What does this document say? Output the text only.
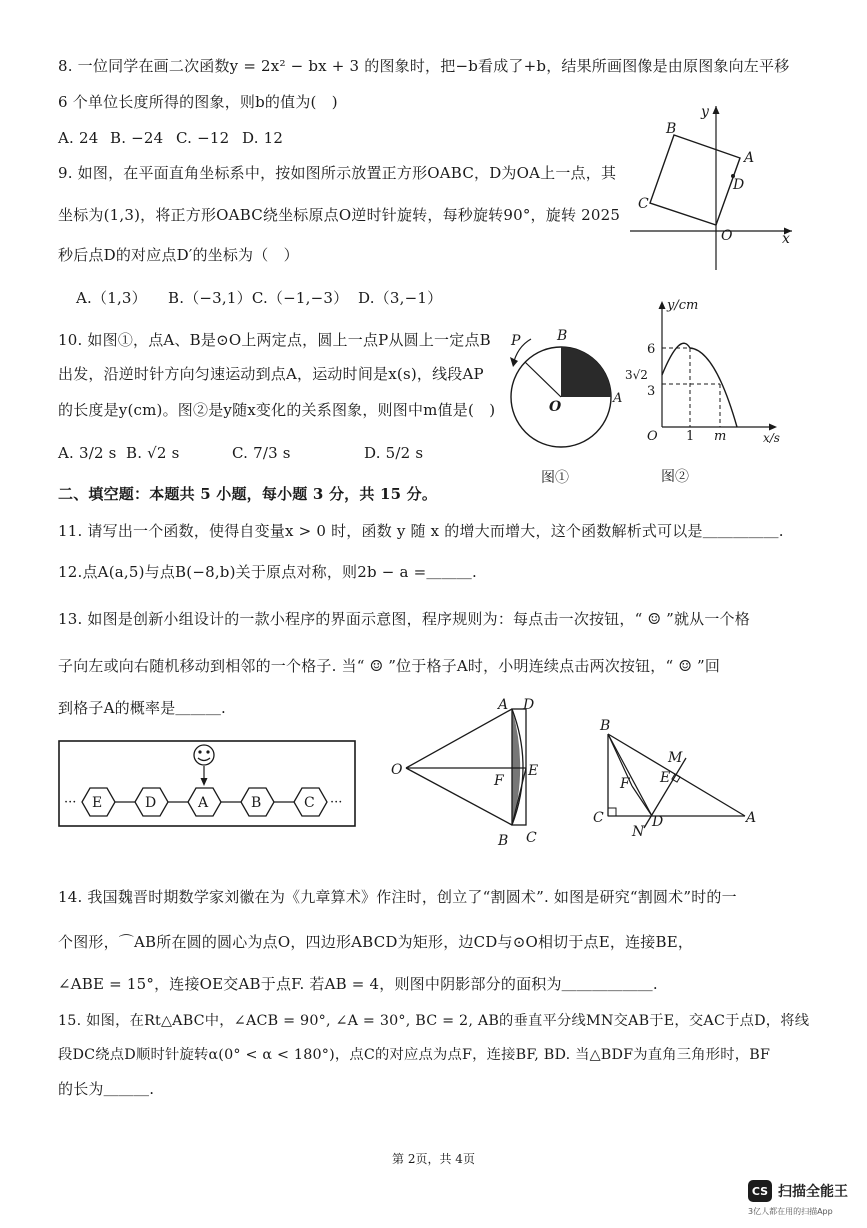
8. 一位同学在画二次函数y = 2x² − bx + 3 的图象时，把−b看成了+b，结果所画图像是由原图象向左平移
6 个单位长度所得的图象，则b的值为(　)
A. 24 B. −24 C. −12 D. 12
9. 如图，在平面直角坐标系中，按如图所示放置正方形OABC，D为OA上一点，其
坐标为(1,3)，将正方形OABC绕坐标原点O逆时针旋转，每秒旋转90°，旋转 2025
秒后点D的对应点D′的坐标为（　）
A.（1,3）	B.（−3,1）C.（−1,−3） D.（3,−1）
B
A
D
C
O	x
y
10. 如图①，点A、B是⊙O上两定点，圆上一点P从圆上一定点B
出发，沿逆时针方向匀速运动到点A，运动时间是x(s)，线段AP
的长度是y(cm)。图②是y随x变化的关系图象，则图中m值是(　)
A. 3/2 s B. √2 s	C. 7/3 s	D. 5/2 s
P	B
O
A
图①
y/cm
6
3√2
3
O 1 m	x/s
图②
二、填空题：本题共 5 小题，每小题 3 分，共 15 分。
11. 请写出一个函数，使得自变量x > 0 时，函数 y 随 x 的增大而增大，这个函数解析式可以是＿＿＿＿＿.
12.点A(a,5)与点B(−8,b)关于原点对称，则2b − a =＿＿＿.
13. 如图是创新小组设计的一款小程序的界面示意图，程序规则为：每点击一次按钮，“ ☺ ”就从一个格
子向左或向右随机移动到相邻的一个格子. 当“ ☺ ”位于格子A时，小明连续点击两次按钮，“ ☺ ”回
到格子A的概率是＿＿＿.
···	···
E	D	A	B	C
A D
O
F
E
B C
B
M
E
F
C
N
D	A
14. 我国魏晋时期数学家刘徽在为《九章算术》作注时，创立了“割圆术”. 如图是研究“割圆术”时的一
个图形，⌒AB所在圆的圆心为点O，四边形ABCD为矩形，边CD与⊙O相切于点E，连接BE，
∠ABE = 15°，连接OE交AB于点F. 若AB = 4，则图中阴影部分的面积为＿＿＿＿＿＿.
15. 如图，在Rt△ABC中，∠ACB = 90°, ∠A = 30°, BC = 2, AB的垂直平分线MN交AB于E，交AC于点D，将线
段DC绕点D顺时针旋转α(0° < α < 180°)，点C的对应点为点F，连接BF, BD. 当△BDF为直角三角形时，BF
的长为＿＿＿.
第 2页，共 4页
CS 扫描全能王
3亿人都在用的扫描App
